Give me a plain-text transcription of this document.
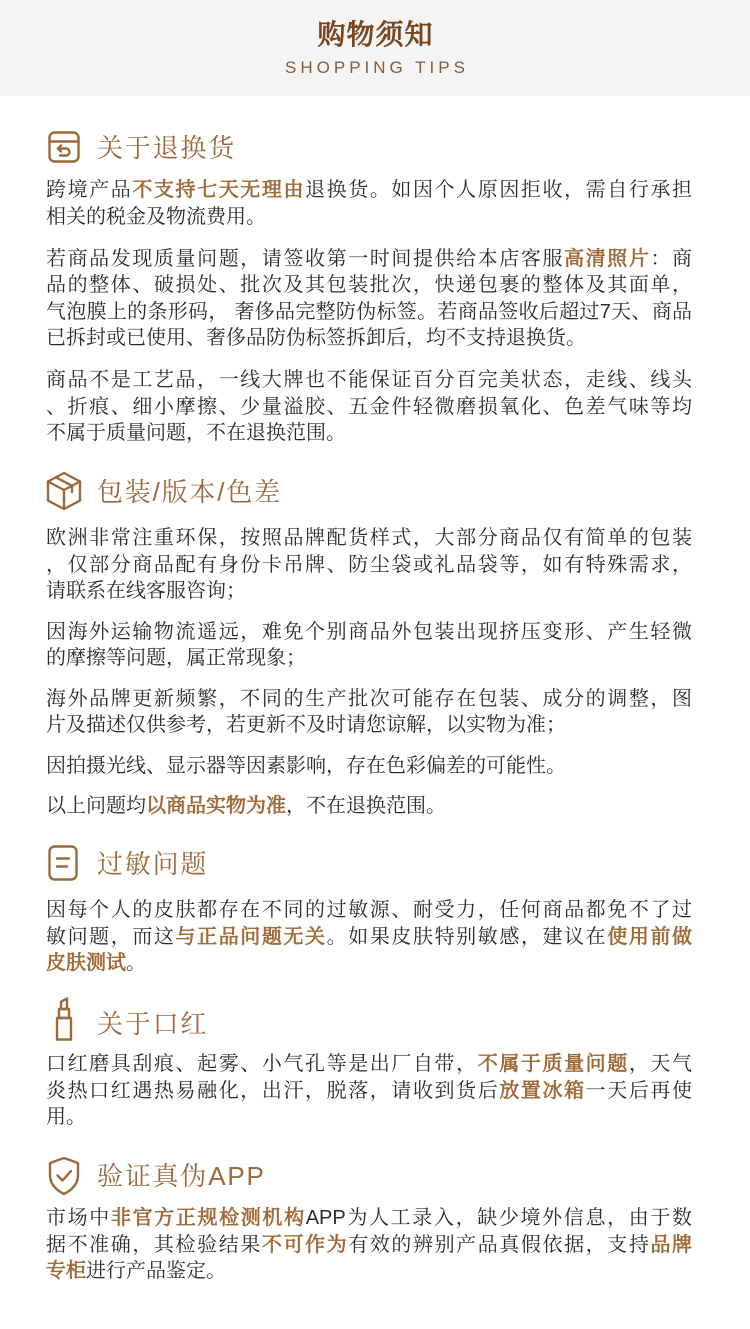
购物须知
SHOPPING TIPS
关于退换货
跨境产品不支持七天无理由退换货。如因个人原因拒收，需自行承担
相关的税金及物流费用。
若商品发现质量问题，请签收第一时间提供给本店客服高清照片：商
品的整体、破损处、批次及其包装批次，快递包裹的整体及其面单，
气泡膜上的条形码， 奢侈品完整防伪标签。若商品签收后超过7天、商品
已拆封或已使用、奢侈品防伪标签拆卸后，均不支持退换货。
商品不是工艺品，一线大牌也不能保证百分百完美状态，走线、线头
、折痕、细小摩擦、少量溢胶、五金件轻微磨损氧化、色差气味等均
不属于质量问题，不在退换范围。
包装/版本/色差
欧洲非常注重环保，按照品牌配货样式，大部分商品仅有简单的包装
，仅部分商品配有身份卡吊牌、防尘袋或礼品袋等，如有特殊需求，
请联系在线客服咨询；
因海外运输物流遥远，难免个别商品外包装出现挤压变形、产生轻微
的摩擦等问题，属正常现象；
海外品牌更新频繁，不同的生产批次可能存在包装、成分的调整，图
片及描述仅供参考，若更新不及时请您谅解，以实物为准；
因拍摄光线、显示器等因素影响，存在色彩偏差的可能性。
以上问题均以商品实物为准，不在退换范围。
过敏问题
因每个人的皮肤都存在不同的过敏源、耐受力，任何商品都免不了过
敏问题，而这与正品问题无关。如果皮肤特别敏感，建议在使用前做
皮肤测试。
关于口红
口红磨具刮痕、起雾、小气孔等是出厂自带，不属于质量问题，天气
炎热口红遇热易融化，出汗，脱落，请收到货后放置冰箱一天后再使
用。
验证真伪APP
市场中非官方正规检测机构APP为人工录入，缺少境外信息，由于数
据不准确，其检验结果不可作为有效的辨别产品真假依据，支持品牌
专柜进行产品鉴定。
